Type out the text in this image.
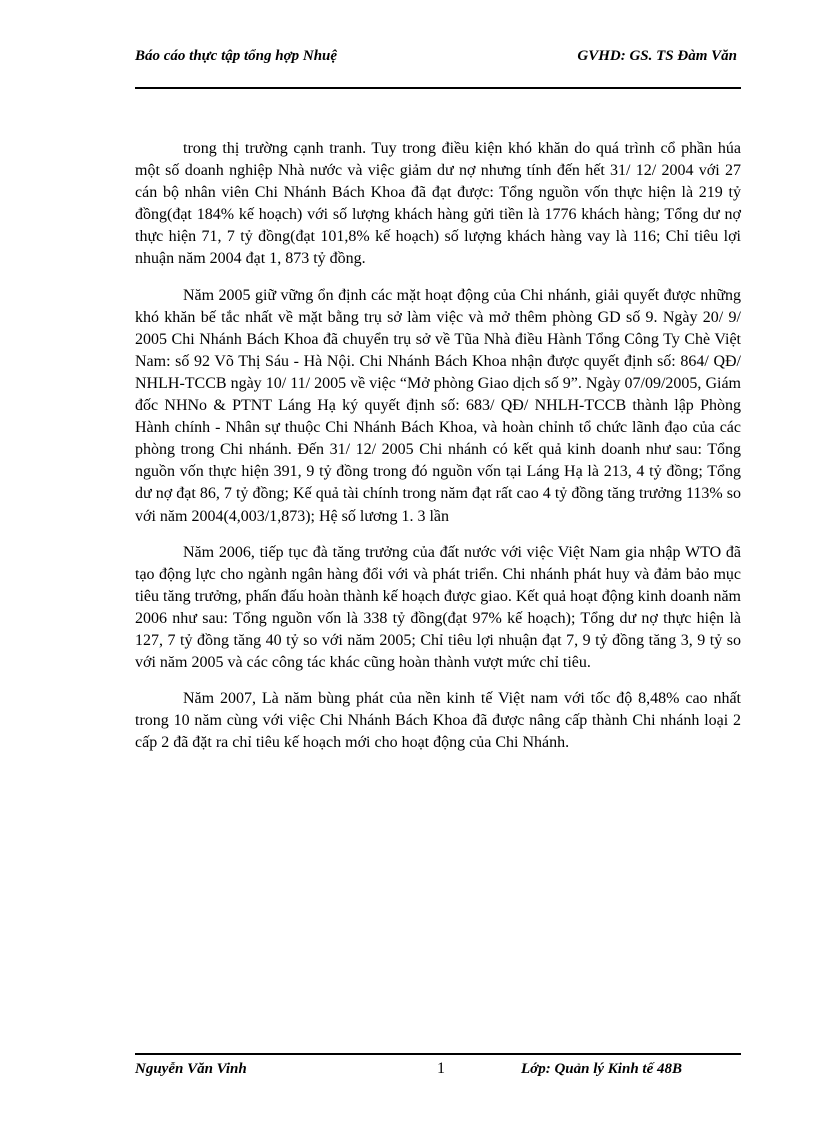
Báo cáo thực tập tổng hợp Nhuệ	GVHD: GS. TS Đàm Văn

trong thị trường cạnh tranh. Tuy trong điều kiện khó khăn do quá trình cổ phần húa một số doanh nghiệp Nhà nước và việc giảm dư nợ nhưng tính đến hết 31/ 12/ 2004 với 27 cán bộ nhân viên Chi Nhánh Bách Khoa đã đạt được: Tổng nguồn vốn thực hiện là 219 tỷ đồng(đạt 184% kế hoạch) với số lượng khách hàng gửi tiền là 1776 khách hàng; Tổng dư nợ thực hiện 71, 7 tỷ đồng(đạt 101,8% kế hoạch) số lượng khách hàng vay là 116; Chỉ tiêu lợi nhuận năm 2004 đạt 1, 873 tỷ đồng.

Năm 2005 giữ vững ổn định các mặt hoạt động của Chi nhánh, giải quyết được những khó khăn bế tắc nhất về mặt bằng trụ sở làm việc và mở thêm phòng GD số 9. Ngày 20/ 9/ 2005 Chi Nhánh Bách Khoa đã chuyển trụ sở về Tũa Nhà điều Hành Tổng Công Ty Chè Việt Nam: số 92 Võ Thị Sáu - Hà Nội. Chi Nhánh Bách Khoa nhận được quyết định số: 864/ QĐ/ NHLH-TCCB ngày 10/ 11/ 2005 về việc “Mở phòng Giao dịch số 9”. Ngày 07/09/2005, Giám đốc NHNo & PTNT Láng Hạ ký quyết định số: 683/ QĐ/ NHLH-TCCB thành lập Phòng Hành chính - Nhân sự thuộc Chi Nhánh Bách Khoa, và hoàn chỉnh tổ chức lãnh đạo của các phòng trong Chi nhánh. Đến 31/ 12/ 2005 Chi nhánh có kết quả kinh doanh như sau: Tổng nguồn vốn thực hiện 391, 9 tỷ đồng trong đó nguồn vốn tại Láng Hạ là 213, 4 tỷ đồng; Tổng dư nợ đạt 86, 7 tỷ đồng; Kế quả tài chính trong năm đạt rất cao 4 tỷ đồng tăng trưởng 113% so với năm 2004(4,003/1,873); Hệ số lương 1. 3 lần

Năm 2006, tiếp tục đà tăng trưởng của đất nước với việc Việt Nam gia nhập WTO đã tạo động lực cho ngành ngân hàng đổi với và phát triển. Chi nhánh phát huy và đảm bảo mục tiêu tăng trưởng, phấn đấu hoàn thành kế hoạch được giao. Kết quả hoạt động kinh doanh năm 2006 như sau: Tổng nguồn vốn là 338 tỷ đồng(đạt 97% kế hoạch); Tổng dư nợ thực hiện là 127, 7 tỷ đồng tăng 40 tỷ so với năm 2005; Chỉ tiêu lợi nhuận đạt 7, 9 tỷ đồng tăng 3, 9 tỷ so với năm 2005 và các công tác khác cũng hoàn thành vượt mức chỉ tiêu.

Năm 2007, Là năm bùng phát của nền kinh tế Việt nam với tốc độ 8,48% cao nhất trong 10 năm cùng với việc Chi Nhánh Bách Khoa đã được nâng cấp thành Chi nhánh loại 2 cấp 2 đã đặt ra chỉ tiêu kế hoạch mới cho hoạt động của Chi Nhánh.

Nguyễn Văn Vinh	1	Lớp: Quản lý Kinh tế 48B
